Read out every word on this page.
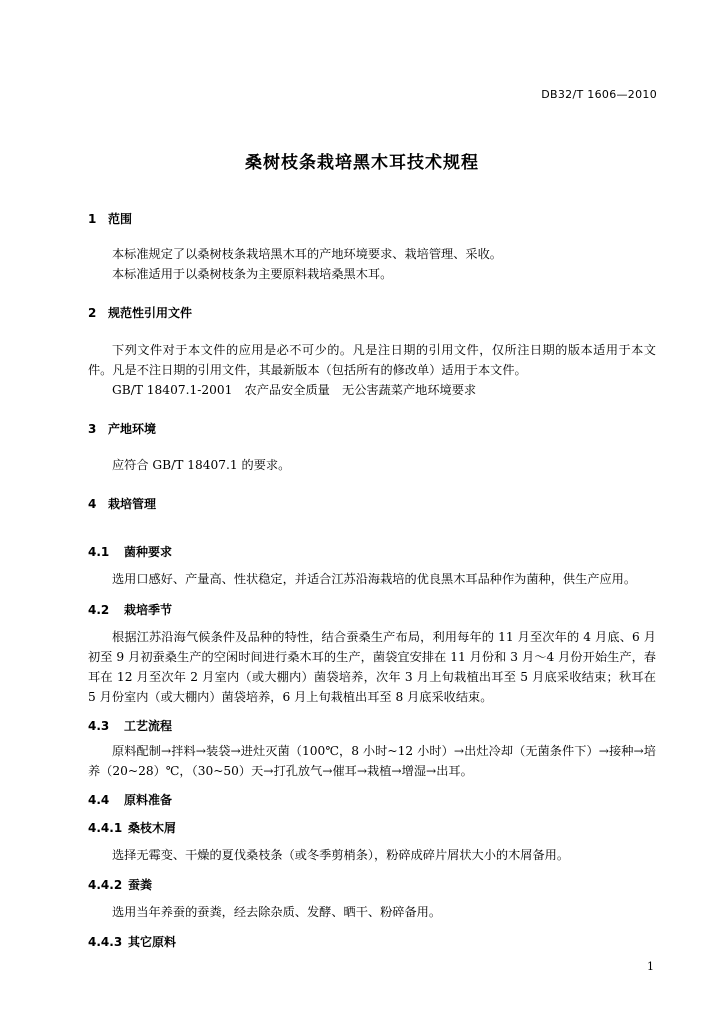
DB32/T 1606—2010
桑树枝条栽培黑木耳技术规程
1 范围
本标准规定了以桑树枝条栽培黑木耳的产地环境要求、栽培管理、采收。
本标准适用于以桑树枝条为主要原料栽培桑黑木耳。
2 规范性引用文件
下列文件对于本文件的应用是必不可少的。凡是注日期的引用文件，仅所注日期的版本适用于本文件。凡是不注日期的引用文件，其最新版本（包括所有的修改单）适用于本文件。
GB/T 18407.1-2001　农产品安全质量　无公害蔬菜产地环境要求
3 产地环境
应符合 GB/T 18407.1 的要求。
4 栽培管理
4.1 菌种要求
选用口感好、产量高、性状稳定，并适合江苏沿海栽培的优良黑木耳品种作为菌种，供生产应用。
4.2 栽培季节
根据江苏沿海气候条件及品种的特性，结合蚕桑生产布局，利用每年的 11 月至次年的 4 月底、6 月初至 9 月初蚕桑生产的空闲时间进行桑木耳的生产，菌袋宜安排在 11 月份和 3 月～4 月份开始生产，春耳在 12 月至次年 2 月室内（或大棚内）菌袋培养，次年 3 月上旬栽植出耳至 5 月底采收结束；秋耳在 5 月份室内（或大棚内）菌袋培养，6 月上旬栽植出耳至 8 月底采收结束。
4.3 工艺流程
原料配制→拌料→装袋→进灶灭菌（100℃，8 小时~12 小时）→出灶冷却（无菌条件下）→接种→培养（20~28）℃，（30~50）天→打孔放气→催耳→栽植→增湿→出耳。
4.4 原料准备
4.4.1 桑枝木屑
选择无霉变、干燥的夏伐桑枝条（或冬季剪梢条），粉碎成碎片屑状大小的木屑备用。
4.4.2 蚕粪
选用当年养蚕的蚕粪，经去除杂质、发酵、晒干、粉碎备用。
4.4.3 其它原料
1
